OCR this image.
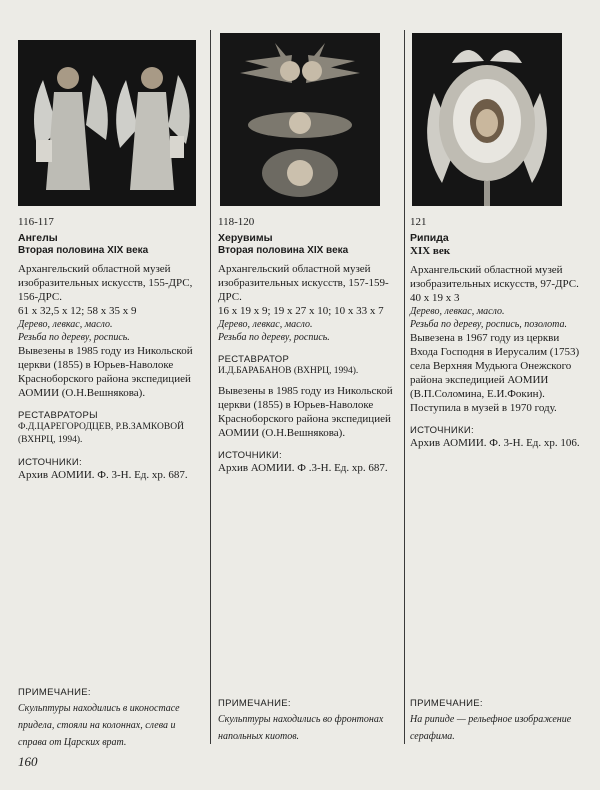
116-117

Ангелы

Вторая половина XIX века

Архангельский областной музей изобразительных искусств, 155-ДРС, 156-ДРС.

61 х 32,5 х 12; 58 х 35 х 9

Дерево, левкас, масло.

Резьба по дереву, роспись.

Вывезены в 1985 году из Никольской церкви (1855) в Юрьев-Наволоке Красноборского района экспедицией АОМИИ (О.Н.Вешнякова).

РЕСТАВРАТОРЫ

Ф.Д.ЦАРЕГОРОДЦЕВ, Р.В.ЗАМКОВОЙ (ВХНРЦ, 1994).

ИСТОЧНИКИ:

Архив АОМИИ. Ф. 3-Н. Ед. хр. 687.

ПРИМЕЧАНИЕ:

Скульптуры находились в иконостасе придела, стояли на колоннах, слева и справа от Царских врат.

118-120

Херувимы

Вторая половина XIX века

Архангельский областной музей изобразительных искусств, 157-159-ДРС.

16 х 19 х 9; 19 х 27 х 10; 10 х 33 х 7

Дерево, левкас, масло.

Резьба по дереву, роспись.

РЕСТАВРАТОР

И.Д.БАРАБАНОВ (ВХНРЦ, 1994).

Вывезены в 1985 году из Никольской церкви (1855) в Юрьев-Наволоке Красноборского района экспедицией АОМИИ (О.Н.Вешнякова).

ИСТОЧНИКИ:

Архив АОМИИ. Ф .3-Н. Ед. хр. 687.

ПРИМЕЧАНИЕ:

Скульптуры находились во фронтонах напольных киотов.

121

Рипида

XIX век

Архангельский областной музей изобразительных искусств, 97-ДРС.

40 х 19 х 3

Дерево, левкас, масло.

Резьба по дереву, роспись, позолота.

Вывезена в 1967 году из церкви Входа Господня в Иерусалим (1753) села Верхняя Мудьюга Онежского района экспедицией АОМИИ (В.П.Соломина, Е.И.Фокин). Поступила в музей в 1970 году.

ИСТОЧНИКИ:

Архив АОМИИ. Ф. 3-Н. Ед. хр. 106.

ПРИМЕЧАНИЕ:

На рипиде — рельефное изображение серафима.

160
